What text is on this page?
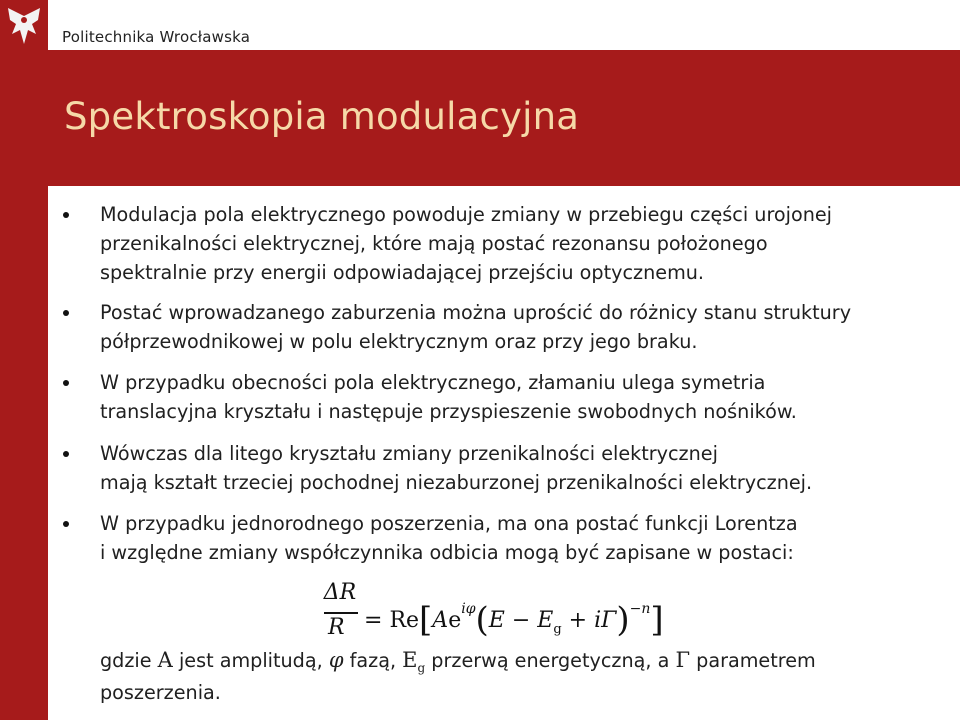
Politechnika Wrocławska
Spektroskopia modulacyjna
Modulacja pola elektrycznego powoduje zmiany w przebiegu części urojonej
przenikalności elektrycznej, które mają postać rezonansu położonego
spektralnie przy energii odpowiadającej przejściu optycznemu.
Postać wprowadzanego zaburzenia można uprościć do różnicy stanu struktury
półprzewodnikowej w polu elektrycznym oraz przy jego braku.
W przypadku obecności pola elektrycznego, złamaniu ulega symetria
translacyjna kryształu i następuje przyspieszenie swobodnych nośników.
Wówczas dla litego kryształu zmiany przenikalności elektrycznej
mają kształt trzeciej pochodnej niezaburzonej przenikalności elektrycznej.
W przypadku jednorodnego poszerzenia, ma ona postać funkcji Lorentza
i względne zmiany współczynnika odbicia mogą być zapisane w postaci:
ΔR
$R = Re[Ae^{i\varphi}(E - E_g + i\Gamma)^{-n}]$
gdzie A jest amplitudą, φ fazą, $E_g$ przerwą energetyczną, a Γ parametrem
poszerzenia.
